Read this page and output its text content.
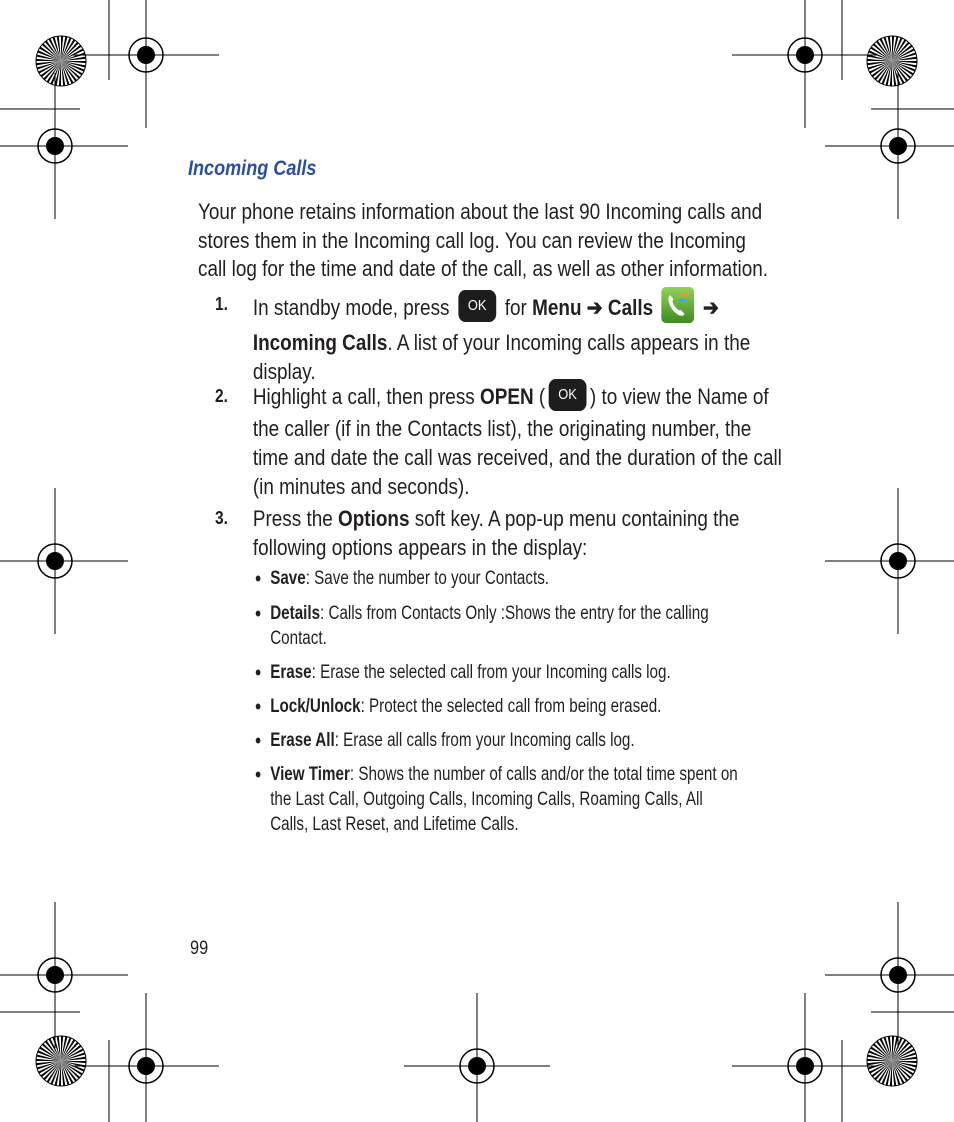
Incoming Calls
Your phone retains information about the last 90 Incoming calls and stores them in the Incoming call log. You can review the Incoming call log for the time and date of the call, as well as other information.
1. In standby mode, press OK for Menu ➔ Calls ➔ Incoming Calls. A list of your Incoming calls appears in the display.
2. Highlight a call, then press OPEN ( OK ) to view the Name of the caller (if in the Contacts list), the originating number, the time and date the call was received, and the duration of the call (in minutes and seconds).
3. Press the Options soft key. A pop-up menu containing the following options appears in the display:
• Save: Save the number to your Contacts.
• Details: Calls from Contacts Only :Shows the entry for the calling Contact.
• Erase: Erase the selected call from your Incoming calls log.
• Lock/Unlock: Protect the selected call from being erased.
• Erase All: Erase all calls from your Incoming calls log.
• View Timer: Shows the number of calls and/or the total time spent on the Last Call, Outgoing Calls, Incoming Calls, Roaming Calls, All Calls, Last Reset, and Lifetime Calls.
99
